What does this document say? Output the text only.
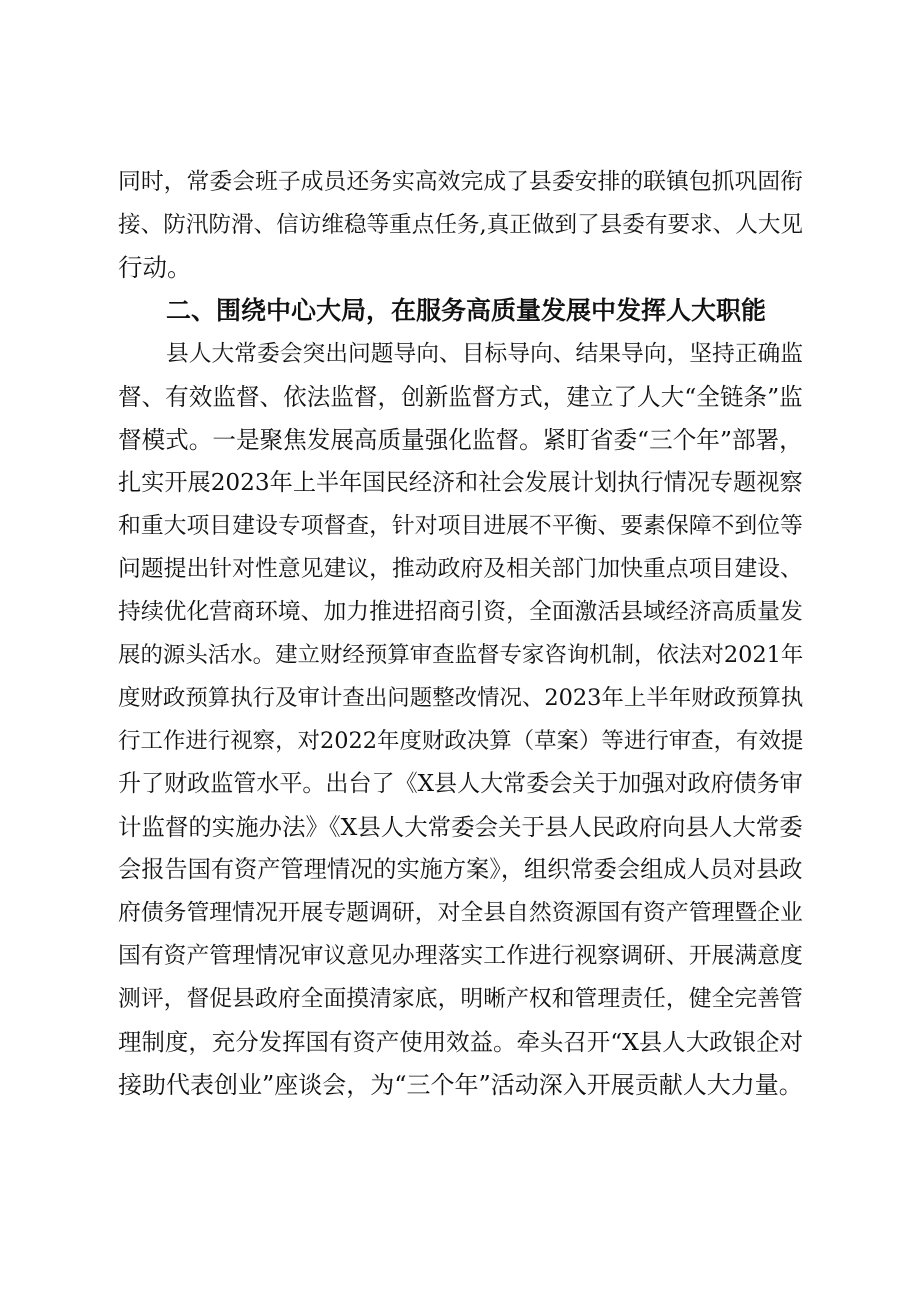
同时，常委会班子成员还务实高效完成了县委安排的联镇包抓巩固衔
接、防汛防滑、信访维稳等重点任务,真正做到了县委有要求、人大见
行动。
二、围绕中心大局，在服务高质量发展中发挥人大职能
县人大常委会突出问题导向、目标导向、结果导向，坚持正确监
督、有效监督、依法监督，创新监督方式，建立了人大“全链条”监
督模式。一是聚焦发展高质量强化监督。紧盯省委“三个年”部署，
扎实开展2023年上半年国民经济和社会发展计划执行情况专题视察
和重大项目建设专项督查，针对项目进展不平衡、要素保障不到位等
问题提出针对性意见建议，推动政府及相关部门加快重点项目建设、
持续优化营商环境、加力推进招商引资，全面激活县域经济高质量发
展的源头活水。建立财经预算审查监督专家咨询机制，依法对2021年
度财政预算执行及审计查出问题整改情况、2023年上半年财政预算执
行工作进行视察，对2022年度财政决算（草案）等进行审查，有效提
升了财政监管水平。出台了《X县人大常委会关于加强对政府债务审
计监督的实施办法》《X县人大常委会关于县人民政府向县人大常委
会报告国有资产管理情况的实施方案》，组织常委会组成人员对县政
府债务管理情况开展专题调研，对全县自然资源国有资产管理暨企业
国有资产管理情况审议意见办理落实工作进行视察调研、开展满意度
测评，督促县政府全面摸清家底，明晰产权和管理责任，健全完善管
理制度，充分发挥国有资产使用效益。牵头召开“X县人大政银企对
接助代表创业”座谈会，为“三个年”活动深入开展贡献人大力量。
